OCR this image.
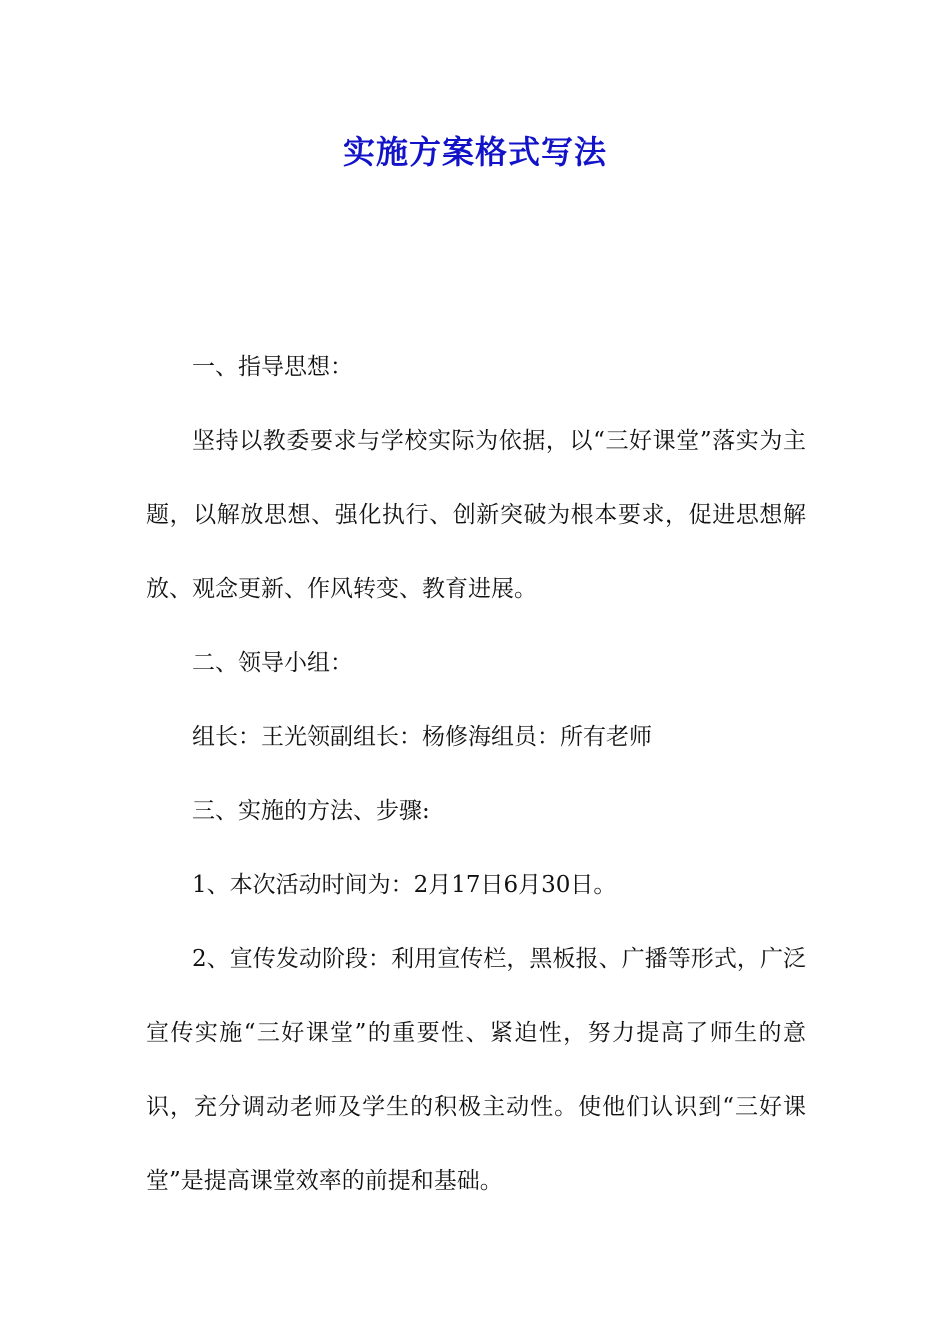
实施方案格式写法

一、指导思想：

坚持以教委要求与学校实际为依据，以“三好课堂”落实为主题，以解放思想、强化执行、创新突破为根本要求，促进思想解放、观念更新、作风转变、教育进展。

二、领导小组：

组长：王光领副组长：杨修海组员：所有老师

三、实施的方法、步骤:

1、本次活动时间为：2月17日6月30日。

2、宣传发动阶段：利用宣传栏，黑板报、广播等形式，广泛宣传实施“三好课堂”的重要性、紧迫性，努力提高了师生的意识，充分调动老师及学生的积极主动性。使他们认识到“三好课堂”是提高课堂效率的前提和基础。
